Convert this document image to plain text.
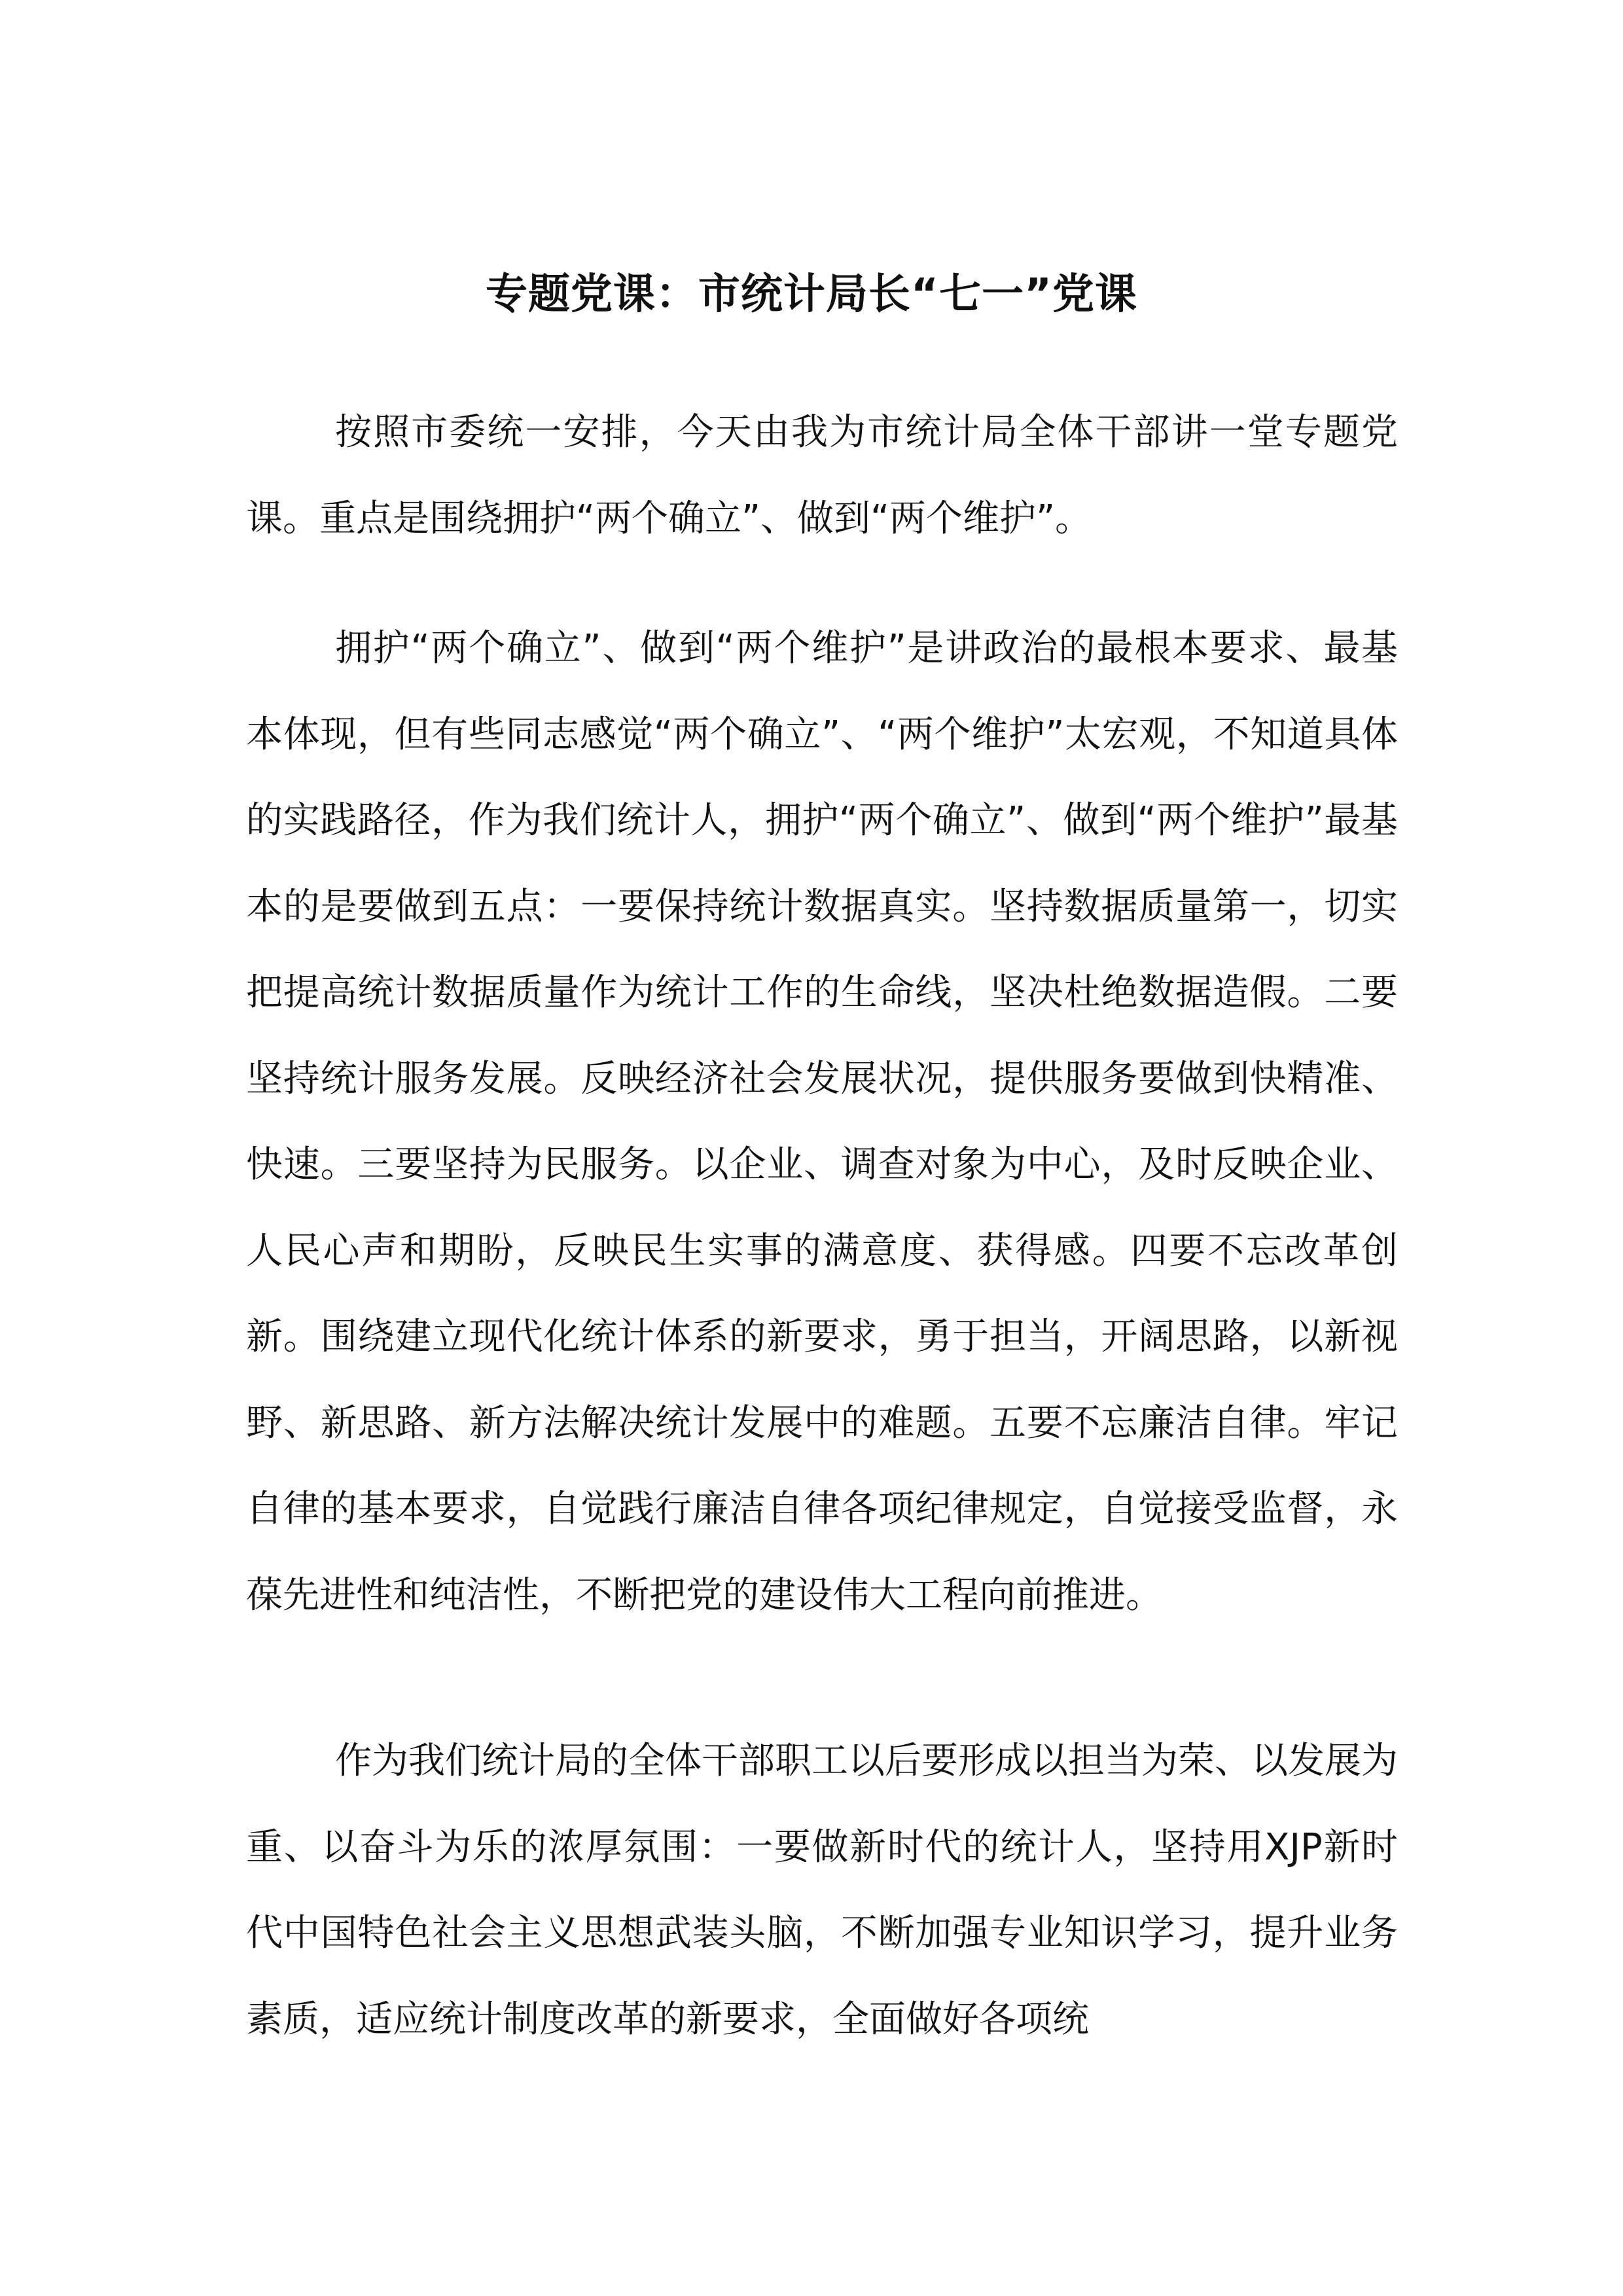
专题党课：市统计局长“七一”党课

按照市委统一安排，今天由我为市统计局全体干部讲一堂专题党课。重点是围绕拥护“两个确立”、做到“两个维护”。

拥护“两个确立”、做到“两个维护”是讲政治的最根本要求、最基本体现，但有些同志感觉“两个确立”、“两个维护”太宏观，不知道具体的实践路径，作为我们统计人，拥护“两个确立”、做到“两个维护”最基本的是要做到五点：一要保持统计数据真实。坚持数据质量第一，切实把提高统计数据质量作为统计工作的生命线，坚决杜绝数据造假。二要坚持统计服务发展。反映经济社会发展状况，提供服务要做到快精准、快速。三要坚持为民服务。以企业、调查对象为中心，及时反映企业、人民心声和期盼，反映民生实事的满意度、获得感。四要不忘改革创新。围绕建立现代化统计体系的新要求，勇于担当，开阔思路，以新视野、新思路、新方法解决统计发展中的难题。五要不忘廉洁自律。牢记自律的基本要求，自觉践行廉洁自律各项纪律规定，自觉接受监督，永葆先进性和纯洁性，不断把党的建设伟大工程向前推进。

作为我们统计局的全体干部职工以后要形成以担当为荣、以发展为重、以奋斗为乐的浓厚氛围：一要做新时代的统计人，坚持用XJP新时代中国特色社会主义思想武装头脑，不断加强专业知识学习，提升业务素质，适应统计制度改革的新要求，全面做好各项统
